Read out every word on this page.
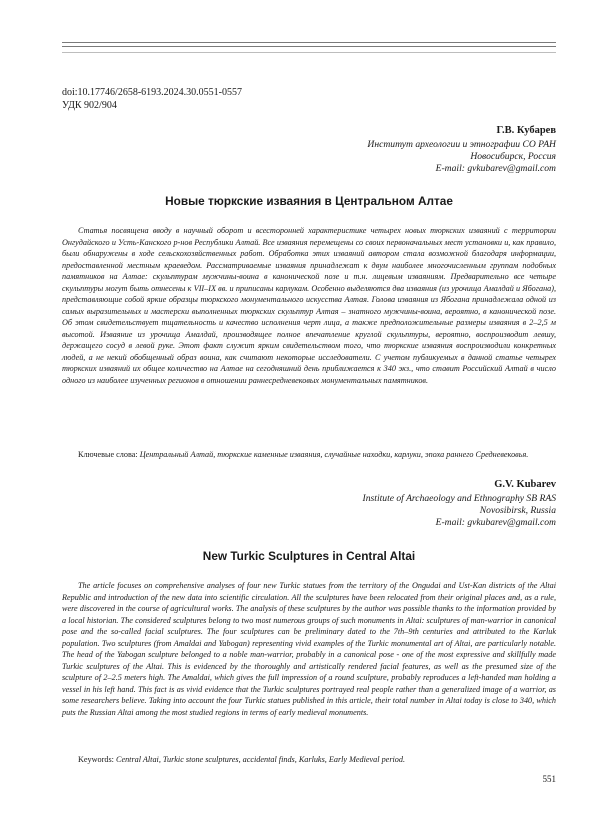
doi:10.17746/2658-6193.2024.30.0551-0557
УДК 902/904
Г.В. Кубарев
Институт археологии и этнографии СО РАН
Новосибирск, Россия
E-mail: gvkubarev@gmail.com
Новые тюркские изваяния в Центральном Алтае

Статья посвящена вводу в научный оборот и всесторонней характеристике четырех новых тюркских изваяний с территории Онгудайского и Усть-Канского р-нов Республики Алтай. Все изваяния перемещены со своих первоначальных мест установки и, как правило, были обнаружены в ходе сельскохозяйственных работ. Обработка этих изваяний автором стала возможной благодаря информации, предоставленной местным краеведом. Рассматриваемые изваяния принадлежат к двум наиболее многочисленным группам подобных памятников на Алтае: скульптурам мужчины-воина в канонической позе и т.н. лицевым изваяниям. Предварительно все четыре скульптуры могут быть отнесены к VII–IX вв. и приписаны карлукам. Особенно выделяются два изваяния (из урочища Амалдай и Ябогана), представляющие собой яркие образцы тюркского монументального искусства Алтая. Голова изваяния из Ябогана принадлежала одной из самых выразительных и мастерски выполненных тюркских скульптур Алтая – знатного мужчины-воина, вероятно, в канонической позе. Об этом свидетельствует тщательность и качество исполнения черт лица, а также предположительные размеры изваяния в 2–2,5 м высотой. Изваяние из урочища Амалдай, производящее полное впечатление круглой скульптуры, вероятно, воспроизводит левшу, держащего сосуд в левой руке. Этот факт служит ярким свидетельством того, что тюркские изваяния воспроизводили конкретных людей, а не некий обобщенный образ воина, как считают некоторые исследователи. С учетом публикуемых в данной статье четырех тюркских изваяний их общее количество на Алтае на сегодняшний день приближается к 340 экз., что ставит Российский Алтай в число одного из наиболее изученных регионов в отношении раннесредневековых монументальных памятников.

Ключевые слова: Центральный Алтай, тюркские каменные изваяния, случайные находки, карлуки, эпоха раннего Средневековья.

G.V. Kubarev
Institute of Archaeology and Ethnography SB RAS
Novosibirsk, Russia
E-mail: gvkubarev@gmail.com
New Turkic Sculptures in Central Altai

The article focuses on comprehensive analyses of four new Turkic statues from the territory of the Ongudai and Ust-Kan districts of the Altai Republic and introduction of the new data into scientific circulation. All the sculptures have been relocated from their original places and, as a rule, were discovered in the course of agricultural works. The analysis of these sculptures by the author was possible thanks to the information provided by a local historian. The considered sculptures belong to two most numerous groups of such monuments in Altai: sculptures of man-warrior in canonical pose and the so-called facial sculptures. The four sculptures can be preliminary dated to the 7th–9th centuries and attributed to the Karluk population. Two sculptures (from Amaldai and Yabogan) representing vivid examples of the Turkic monumental art of Altai, are particularly notable. The head of the Yabogan sculpture belonged to a noble man-warrior, probably in a canonical pose - one of the most expressive and skillfully made Turkic sculptures of the Altai. This is evidenced by the thoroughly and artistically rendered facial features, as well as the presumed size of the sculpture of 2–2.5 meters high. The Amaldai, which gives the full impression of a round sculpture, probably reproduces a left-handed man holding a vessel in his left hand. This fact is as vivid evidence that the Turkic sculptures portrayed real people rather than a generalized image of a warrior, as some researchers believe. Taking into account the four Turkic statues published in this article, their total number in Altai today is close to 340, which puts the Russian Altai among the most studied regions in terms of early medieval monuments.

Keywords: Central Altai, Turkic stone sculptures, accidental finds, Karluks, Early Medieval period.

551
